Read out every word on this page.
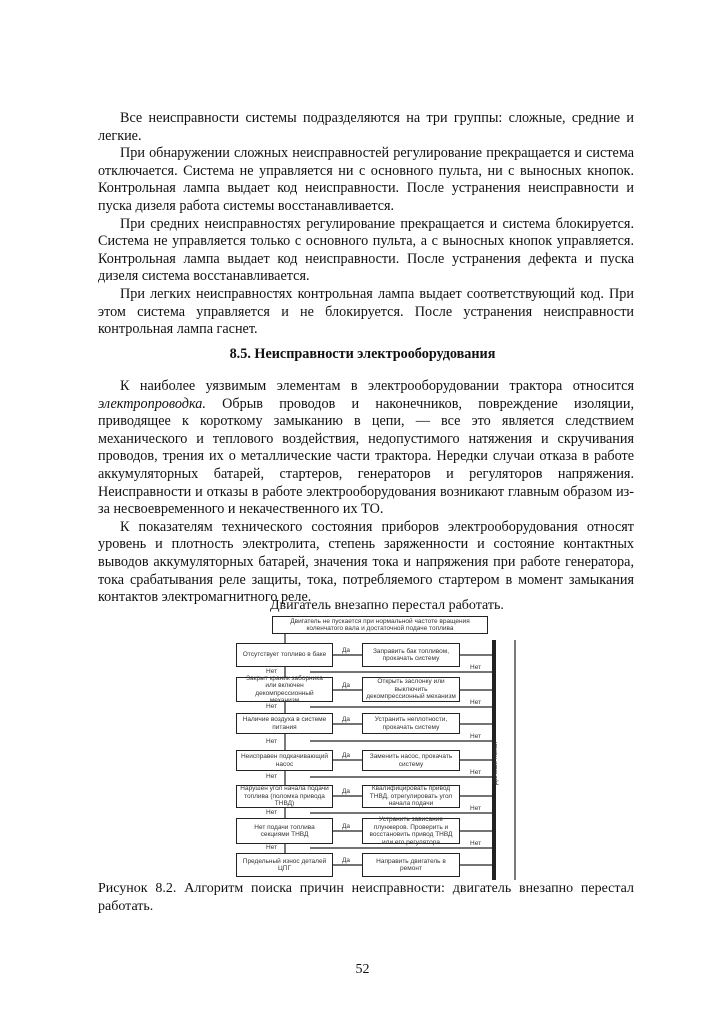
Все неисправности системы подразделяются на три группы: сложные, средние и легкие.

При обнаружении сложных неисправностей регулирование прекращается и система отключается. Система не управляется ни с основного пульта, ни с выносных кнопок. Контрольная лампа выдает код неисправности. После устранения неисправности и пуска дизеля работа системы восстанавливается.

При средних неисправностях регулирование прекращается и система блокируется. Система не управляется только с основного пульта, а с выносных кнопок управляется. Контрольная лампа выдает код неисправности. После устранения дефекта и пуска дизеля система восстанавливается.

При легких неисправностях контрольная лампа выдает соответствующий код. При этом система управляется и не блокируется. После устранения неисправности контрольная лампа гаснет.

8.5. Неисправности электрооборудования

К наиболее уязвимым элементам в электрооборудовании трактора относится электропроводка. Обрыв проводов и наконечников, повреждение изоляции, приводящее к короткому замыканию в цепи, — все это является следствием механического и теплового воздействия, недопустимого натяжения и скручивания проводов, трения их о металлические части трактора. Нередки случаи отказа в работе аккумуляторных батарей, стартеров, генераторов и регуляторов напряжения. Неисправности и отказы в работе электрооборудования возникают главным образом из-за несвоевременного и некачественного их ТО.

К показателям технического состояния приборов электрооборудования относят уровень и плотность электролита, степень заряженности и состояние контактных выводов аккумуляторных батарей, значения тока и напряжения при работе генератора, тока срабатывания реле защиты, тока, потребляемого стартером в момент замыкания контактов электромагнитного реле.

Двигатель внезапно перестал работать.
Двигатель не пускается при нормальной частоте вращения коленчатого вала и достаточной подаче топлива
Отсутствует топливо в баке
Заправить бак топливом, прокачать систему
Закрыт краник заборника или включен декомпрессионный механизм
Открыть заслонку или выключить декомпрессионный механизм
Наличие воздуха в системе питания
Устранить неплотности, прокачать систему
Неисправен подкачивающий насос
Заменить насос, прокачать систему
Нарушен угол начала подачи топлива (поломка привода ТНВД)
Квалифицировать привод ТНВД, отрегулировать угол начала подачи
Нет подачи топлива секциями ТНВД
Устранить зависание плунжеров. Проверить и восстановить привод ТНВД или его регулятора
Предельный износ деталей ЦПГ
Направить двигатель в ремонт
Да
Да
Да
Да
Да
Да
Да
Нет
Нет
Нет
Нет
Нет
Нет
Нет
Нет
Нет
Нет
Нет
Нет
Дальше поиск
Рисунок 8.2. Алгоритм поиска причин неисправности: двигатель внезапно перестал работать.
52
